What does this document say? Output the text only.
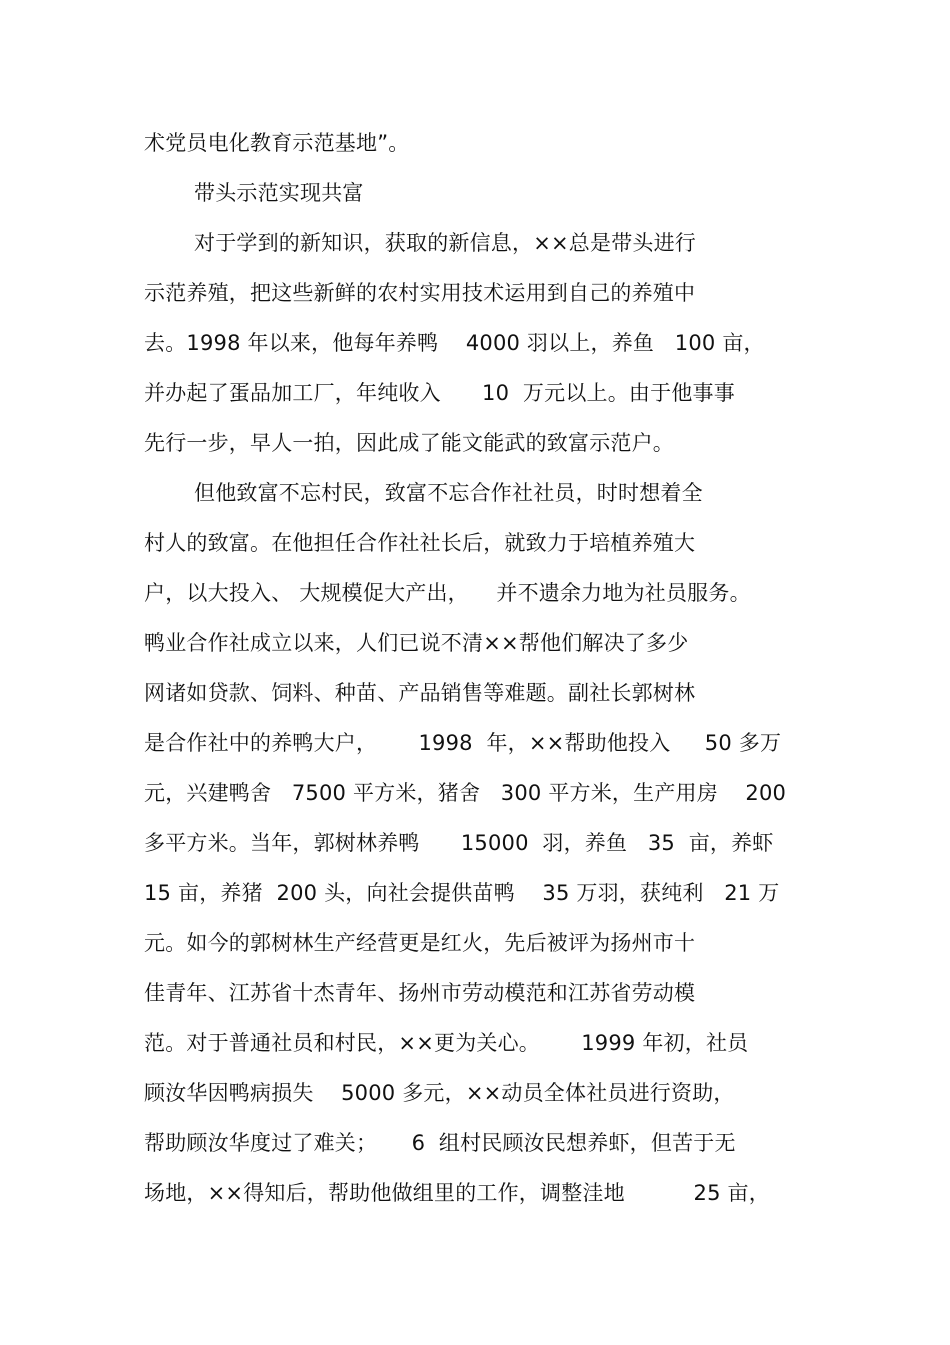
术党员电化教育示范基地”。
带头示范实现共富
对于学到的新知识，获取的新信息，××总是带头进行
示范养殖，把这些新鲜的农村实用技术运用到自己的养殖中
去。1998 年以来，他每年养鸭    4000 羽以上，养鱼   100 亩，
并办起了蛋品加工厂，年纯收入      10  万元以上。由于他事事
先行一步，早人一拍，因此成了能文能武的致富示范户。
但他致富不忘村民，致富不忘合作社社员，时时想着全
村人的致富。在他担任合作社社长后，就致力于培植养殖大
户，以大投入、 大规模促大产出，    并不遗余力地为社员服务。
鸭业合作社成立以来，人们已说不清××帮他们解决了多少
网诸如贷款、饲料、种苗、产品销售等难题。副社长郭树林
是合作社中的养鸭大户，      1998  年，××帮助他投入     50 多万
元，兴建鸭舍   7500 平方米，猪舍   300 平方米，生产用房    200
多平方米。当年，郭树林养鸭      15000  羽，养鱼   35  亩，养虾
15 亩，养猪  200 头，向社会提供苗鸭    35 万羽，获纯利   21 万
元。如今的郭树林生产经营更是红火，先后被评为扬州市十
佳青年、江苏省十杰青年、扬州市劳动模范和江苏省劳动模
范。对于普通社员和村民，××更为关心。      1999 年初，社员
顾汝华因鸭病损失    5000 多元，××动员全体社员进行资助，
帮助顾汝华度过了难关；     6  组村民顾汝民想养虾，但苦于无
场地，××得知后，帮助他做组里的工作，调整洼地          25 亩，
